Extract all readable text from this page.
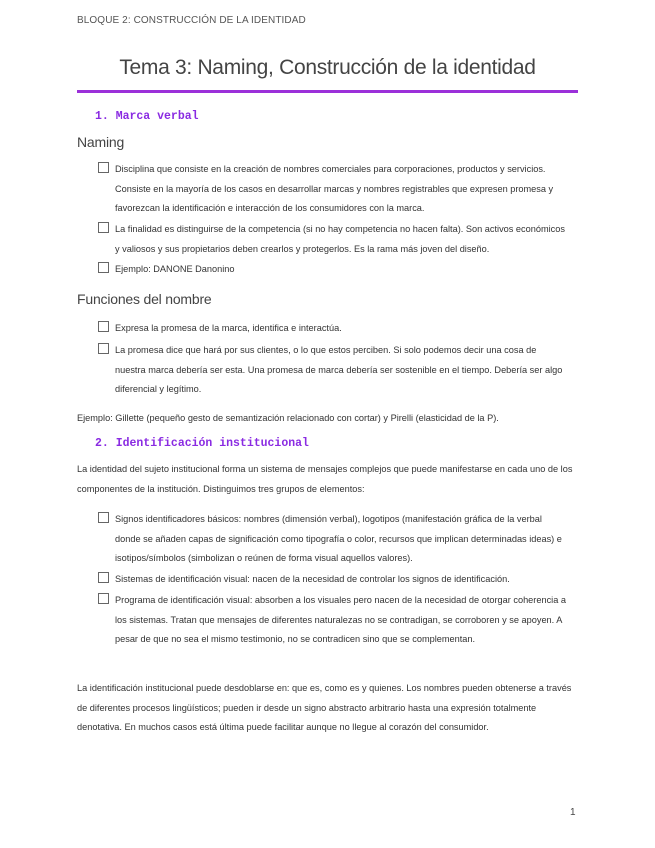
BLOQUE 2: CONSTRUCCIÓN DE LA IDENTIDAD
Tema 3: Naming, Construcción de la identidad
1. Marca verbal
Naming
Disciplina que consiste en la creación de nombres comerciales para corporaciones, productos y servicios. Consiste en la mayoría de los casos en desarrollar marcas y nombres registrables que expresen promesa y favorezcan la identificación e interacción de los consumidores con la marca.
La finalidad es distinguirse de la competencia (si no hay competencia no hacen falta). Son activos económicos y valiosos y sus propietarios deben crearlos y protegerlos. Es la rama más joven del diseño.
Ejemplo: DANONE Danonino
Funciones del nombre
Expresa la promesa de la marca, identifica e interactúa.
La promesa dice que hará por sus clientes, o lo que estos perciben. Si solo podemos decir una cosa de nuestra marca debería ser esta. Una promesa de marca debería ser sostenible en el tiempo. Debería ser algo diferencial y legítimo.
Ejemplo: Gillette (pequeño gesto de semantización relacionado con cortar) y Pirelli (elasticidad de la P).
2. Identificación institucional
La identidad del sujeto institucional forma un sistema de mensajes complejos que puede manifestarse en cada uno de los componentes de la institución. Distinguimos tres grupos de elementos:
Signos identificadores básicos: nombres (dimensión verbal), logotipos (manifestación gráfica de la verbal donde se añaden capas de significación como tipografía o color, recursos que implican determinadas ideas) e isotipos/símbolos (simbolizan o reúnen de forma visual aquellos valores).
Sistemas de identificación visual: nacen de la necesidad de controlar los signos de identificación.
Programa de identificación visual: absorben a los visuales pero nacen de la necesidad de otorgar coherencia a los sistemas. Tratan que mensajes de diferentes naturalezas no se contradigan, se corroboren y se apoyen. A pesar de que no sea el mismo testimonio, no se contradicen sino que se complementan.
La identificación institucional puede desdoblarse en: que es, como es y quienes. Los nombres pueden obtenerse a través de diferentes procesos lingüísticos; pueden ir desde un signo abstracto arbitrario hasta una expresión totalmente denotativa. En muchos casos está última puede facilitar aunque no llegue al corazón del consumidor.
1
